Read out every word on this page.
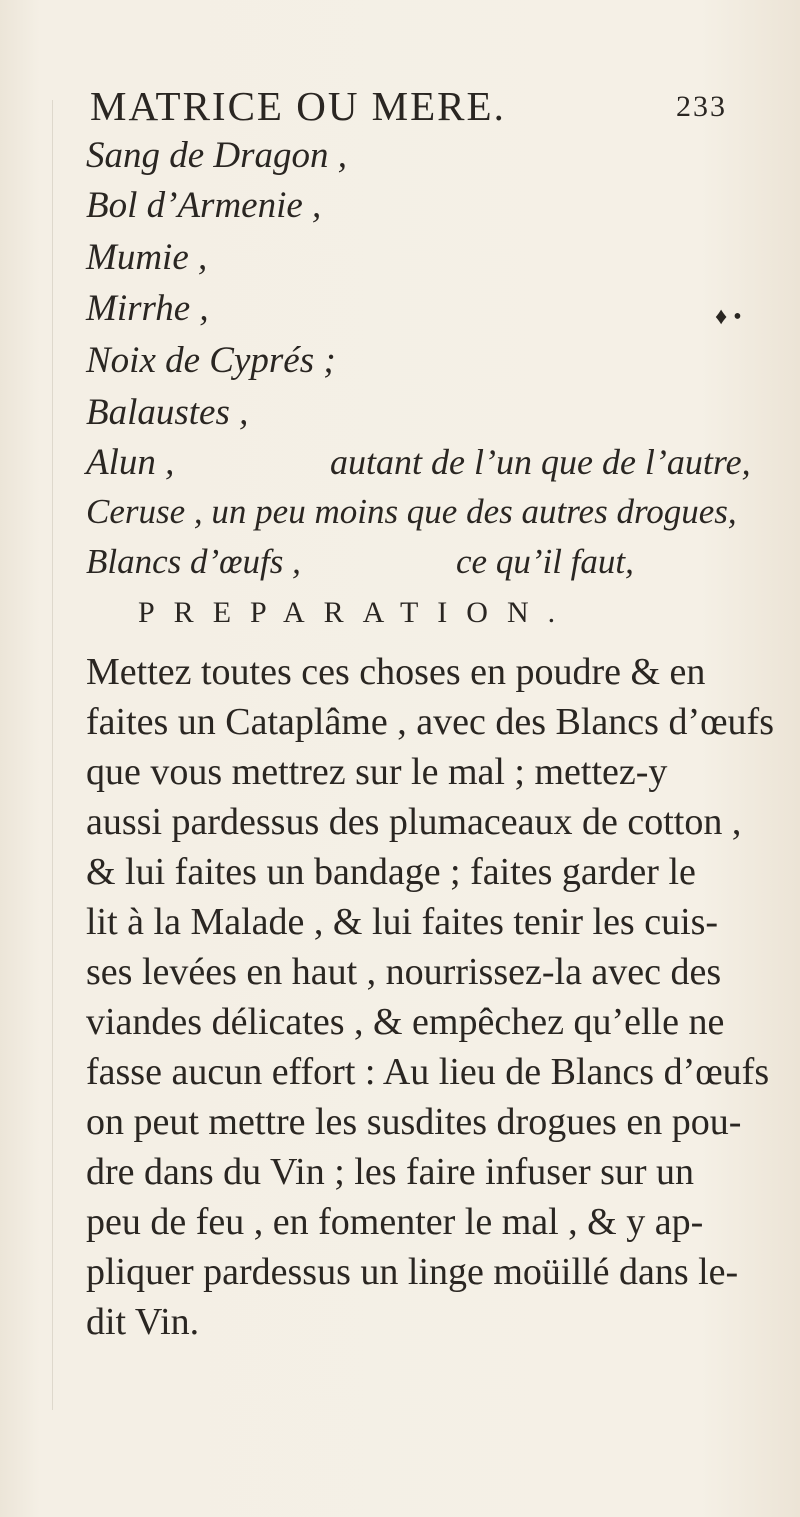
MATRICE OU MERE.	233
Sang de Dragon ,
Bol d’Armenie ,
Mumie ,
Mirrhe ,
Noix de Cyprés ;
Balaustes ,
♦ •
Alun ,	autant de l’un que de l’autre,
Ceruse , un peu moins que des autres drogues,
Blancs d’œufs ,	ce qu’il faut,
PREPARATION.
Mettez toutes ces choses en poudre & en
faites un Cataplâme , avec des Blancs d’œufs
que vous mettrez sur le mal ; mettez-y
aussi pardessus des plumaceaux de cotton ,
& lui faites un bandage ; faites garder le
lit à la Malade , & lui faites tenir les cuis-
ses levées en haut , nourrissez-la avec des
viandes délicates , & empêchez qu’elle ne
fasse aucun effort : Au lieu de Blancs d’œufs
on peut mettre les susdites drogues en pou-
dre dans du Vin ; les faire infuser sur un
peu de feu , en fomenter le mal , & y ap-
pliquer pardessus un linge moüillé dans le-
dit Vin.
